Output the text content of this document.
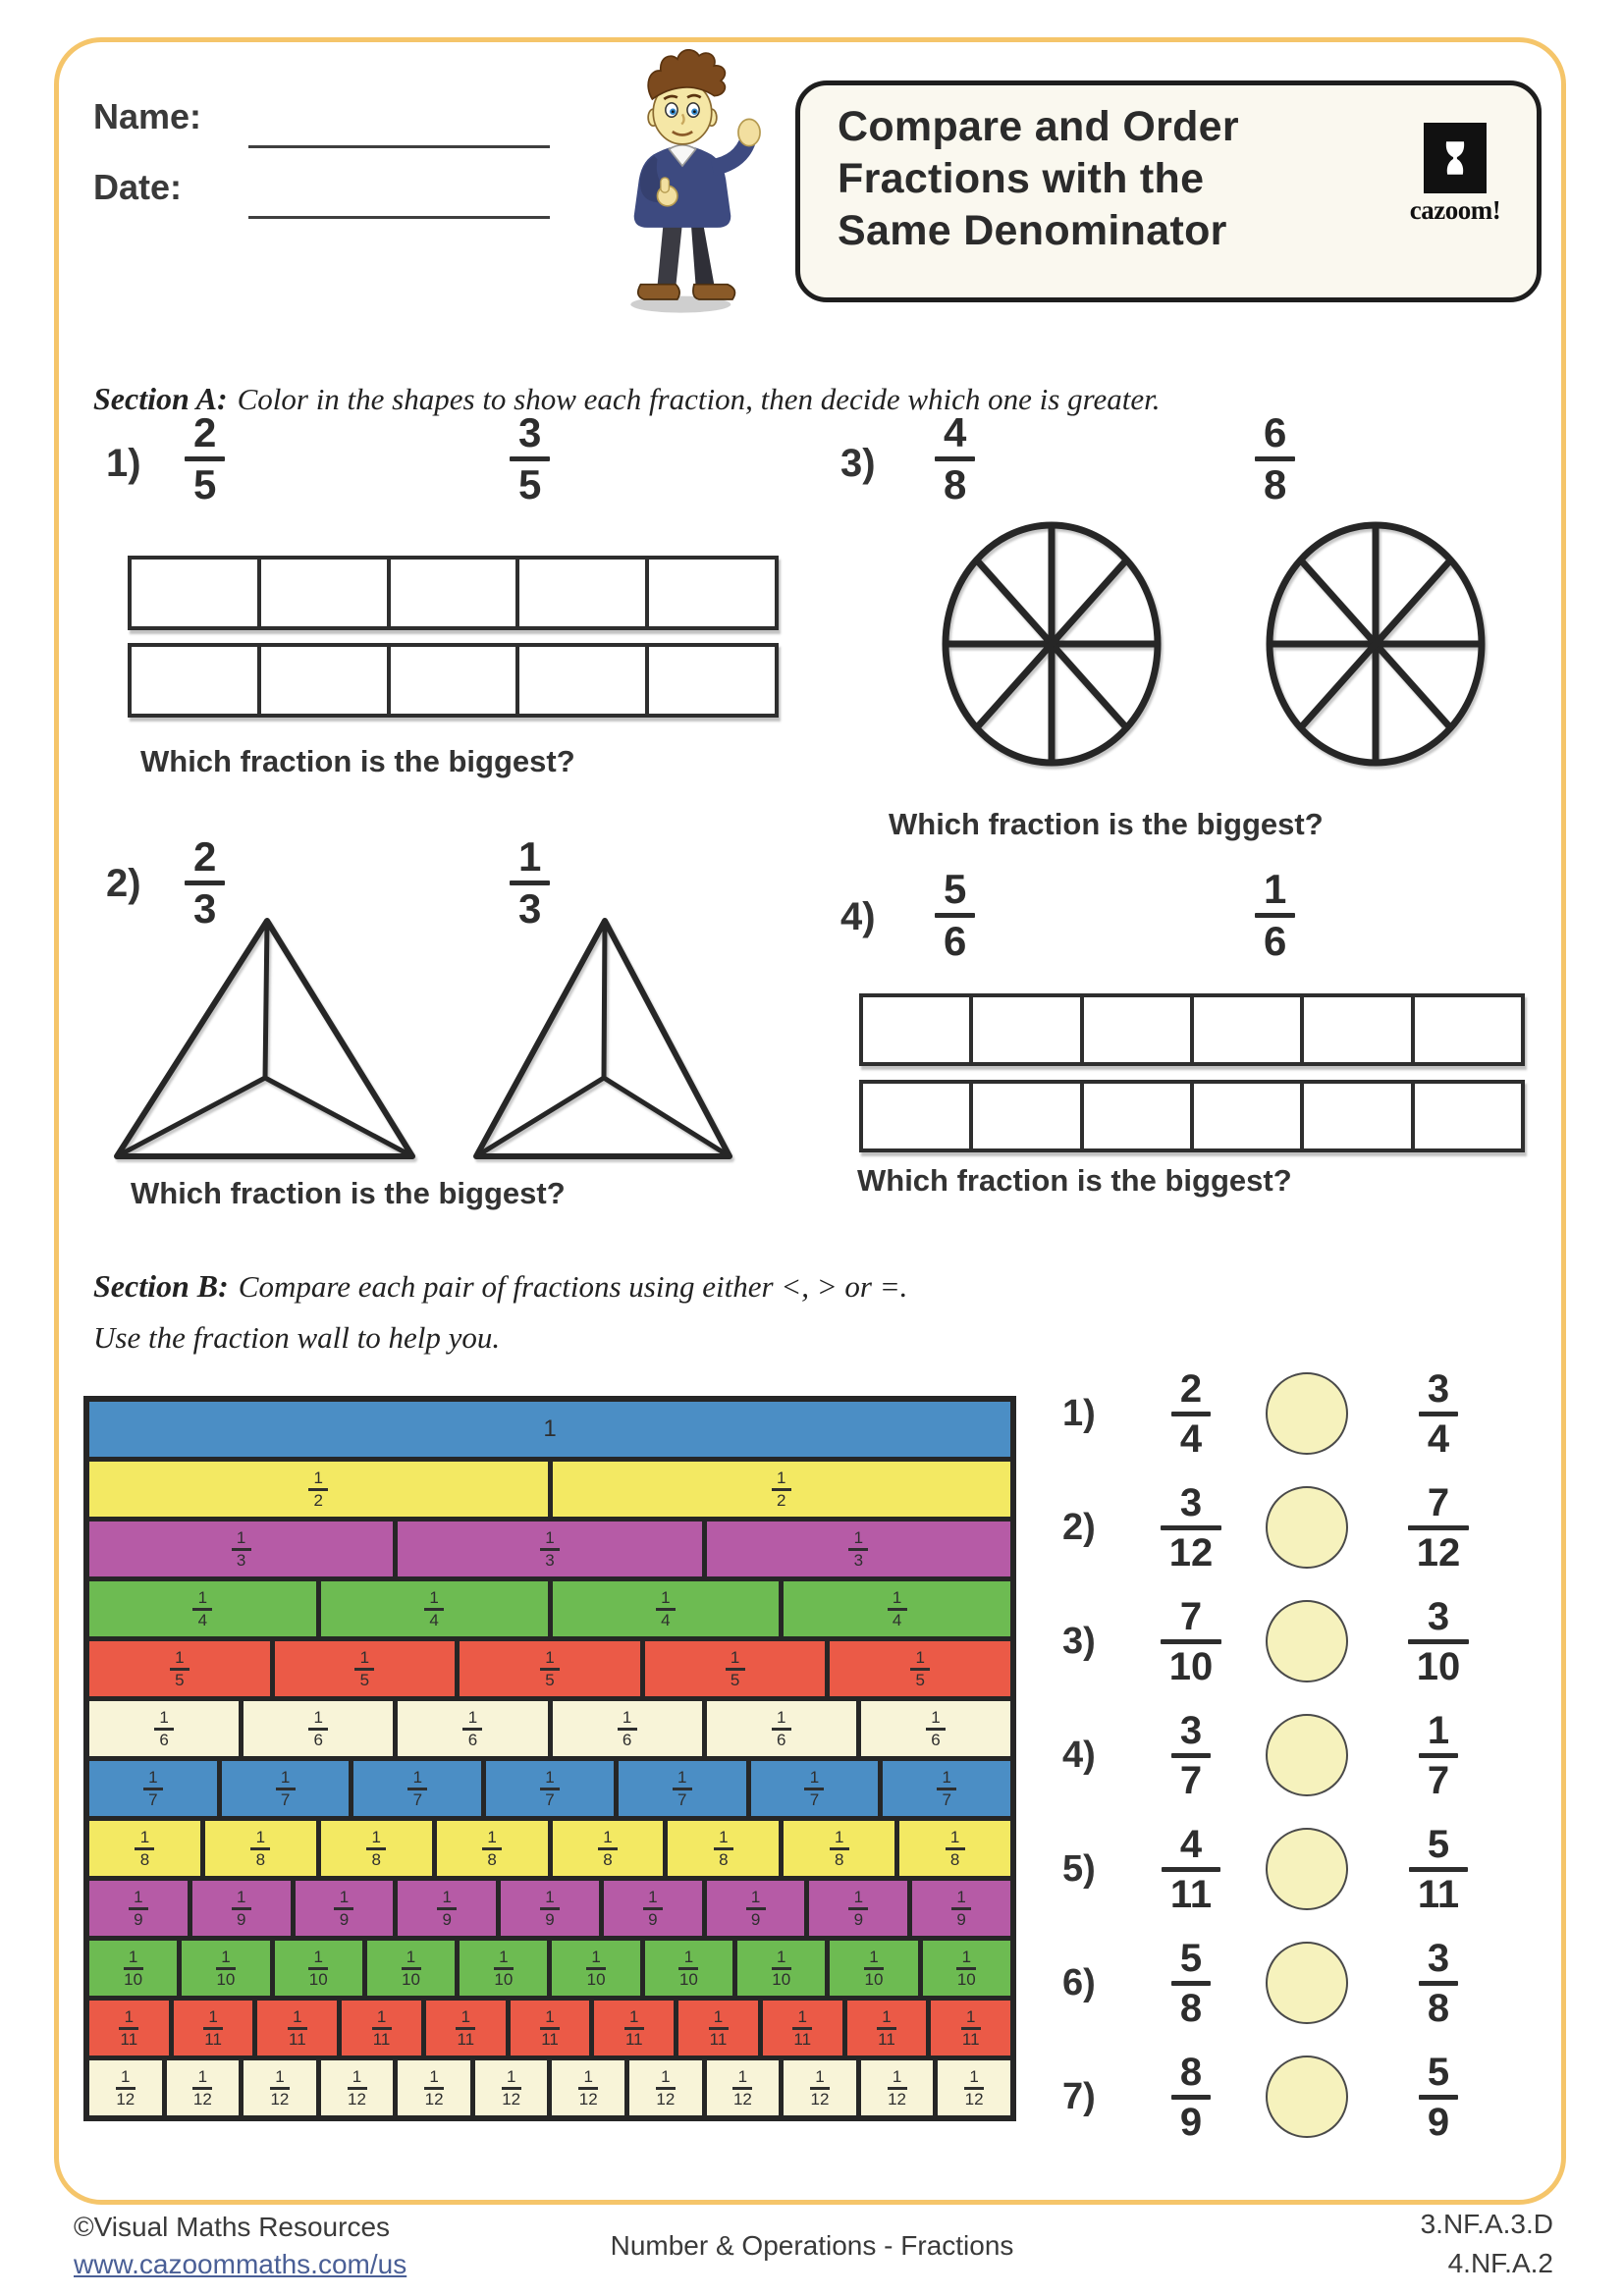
Name:
Date:
Compare and Order
Fractions with the
Same Denominator	cazoom!
Section A: Color in the shapes to show each fraction, then decide which one is greater.
1)
2
5
3
5
Which fraction is the biggest?
3)
4
8
6
8
Which fraction is the biggest?
2)
2
3
1
3
Which fraction is the biggest?
4)
5
6
1
6
Which fraction is the biggest?
Section B: Compare each pair of fractions using either <, > or =.
Use the fraction wall to help you.
1
1
2
1
2
1
3
1
3
1
3
1
4
1
4
1
4
1
4
1
5
1
5
1
5
1
5
1
5
1
6
1
6
1
6
1
6
1
6
1
6
1
7
1
7
1
7
1
7
1
7
1
7
1
7
1
8
1
8
1
8
1
8
1
8
1
8
1
8
1
8
1
9
1
9
1
9
1
9
1
9
1
9
1
9
1
9
1
9
1
10
1
10
1
10
1
10
1
10
1
10
1
10
1
10
1
10
1
10
1
11
1
11
1
11
1
11
1
11
1
11
1
11
1
11
1
11
1
11
1
11
1
12
1
12
1
12
1
12
1
12
1
12
1
12
1
12
1
12
1
12
1
12
1
12
1)
2
4
3
4
2)
3
12
7
12
3)
7
10
3
10
4)
3
7
1
7
5)
4
11
5
11
6)
5
8
3
8
7)
8
9
5
9
©Visual Maths Resources
www.cazoommaths.com/us
Number & Operations - Fractions
3.NF.A.3.D
4.NF.A.2
